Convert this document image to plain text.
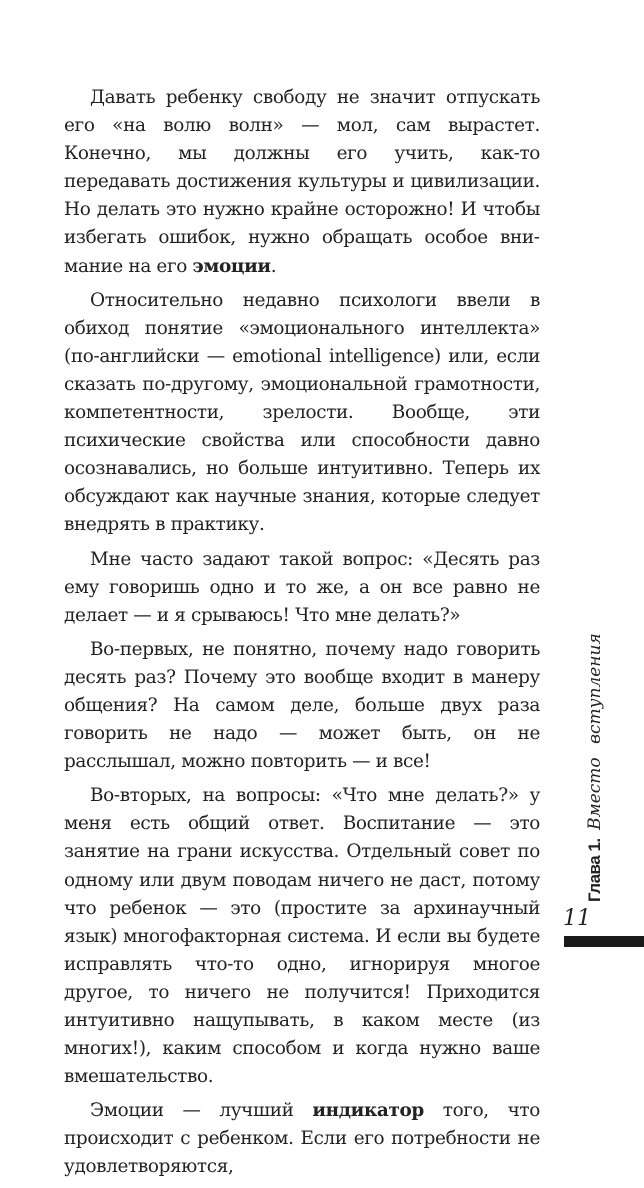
Давать ребенку свободу не значит отпускать его «на волю волн» — мол, сам вырастет. Конечно, мы должны его учить, как-то передавать достижения культуры и цивилизации. Но делать это нужно крайне осторожно! И чтобы избегать ошибок, нужно обращать особое внимание на его эмоции.

Относительно недавно психологи ввели в обиход понятие «эмоционального интеллекта» (по-английски — emotional intelligence) или, если сказать по-другому, эмоциональной грамотности, компетентности, зрелости. Вообще, эти психические свойства или способности давно осознавались, но больше интуитивно. Теперь их обсуждают как научные знания, которые следует внедрять в практику.

Мне часто задают такой вопрос: «Десять раз ему говоришь одно и то же, а он все равно не делает — и я срываюсь! Что мне делать?»

Во-первых, не понятно, почему надо говорить десять раз? Почему это вообще входит в манеру общения? На самом деле, больше двух раза говорить не надо — может быть, он не расслышал, можно повторить — и все!

Во-вторых, на вопросы: «Что мне делать?» у меня есть общий ответ. Воспитание — это занятие на грани искусства. Отдельный совет по одному или двум поводам ничего не даст, потому что ребенок — это (простите за архинаучный язык) многофакторная система. И если вы будете исправлять что-то одно, игнорируя многое другое, то ничего не получится! Приходится интуитивно нащупывать, в каком месте (из многих!), каким способом и когда нужно ваше вмешательство.

Эмоции — лучший индикатор того, что происходит с ребенком. Если его потребности не удовлетворяются,

Глава 1.Вместо вступления
11
